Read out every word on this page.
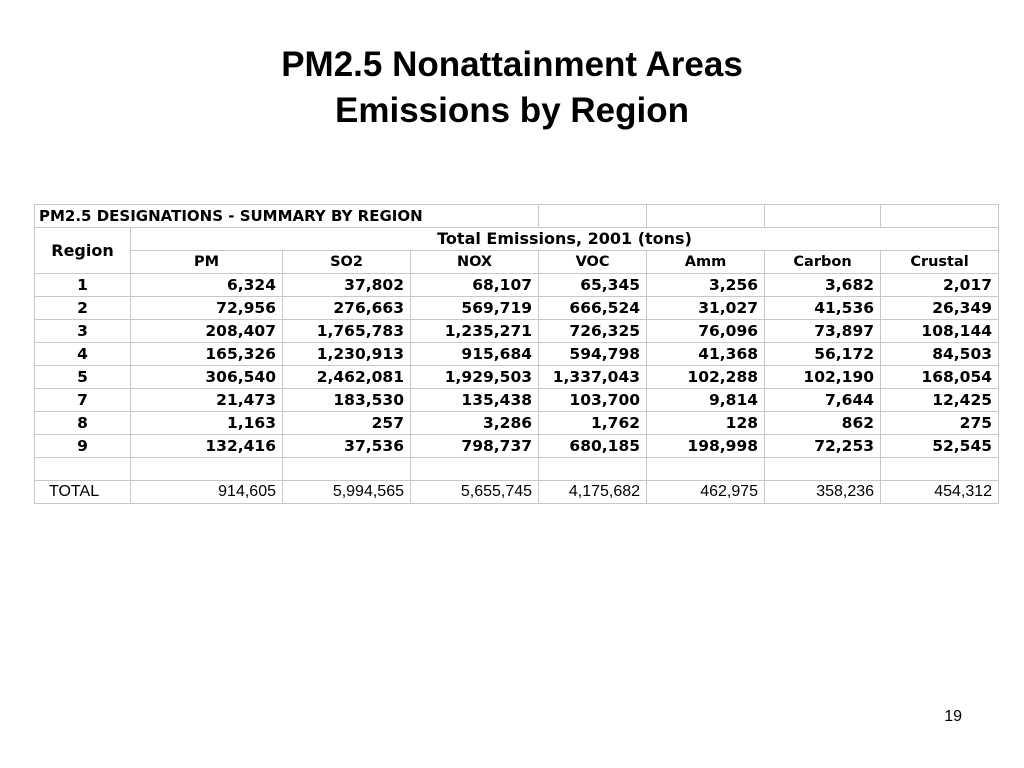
PM2.5 Nonattainment Areas
Emissions by Region
PM2.5 DESIGNATIONS - SUMMARY BY REGION							
Region	Total Emissions, 2001 (tons)						
	PM	SO2	NOX	VOC	Amm	Carbon	Crustal
1	6,324	37,802	68,107	65,345	3,256	3,682	2,017
2	72,956	276,663	569,719	666,524	31,027	41,536	26,349
3	208,407	1,765,783	1,235,271	726,325	76,096	73,897	108,144
4	165,326	1,230,913	915,684	594,798	41,368	56,172	84,503
5	306,540	2,462,081	1,929,503	1,337,043	102,288	102,190	168,054
7	21,473	183,530	135,438	103,700	9,814	7,644	12,425
8	1,163	257	3,286	1,762	128	862	275
9	132,416	37,536	798,737	680,185	198,998	72,253	52,545

TOTAL	914,605	5,994,565	5,655,745	4,175,682	462,975	358,236	454,312
19
